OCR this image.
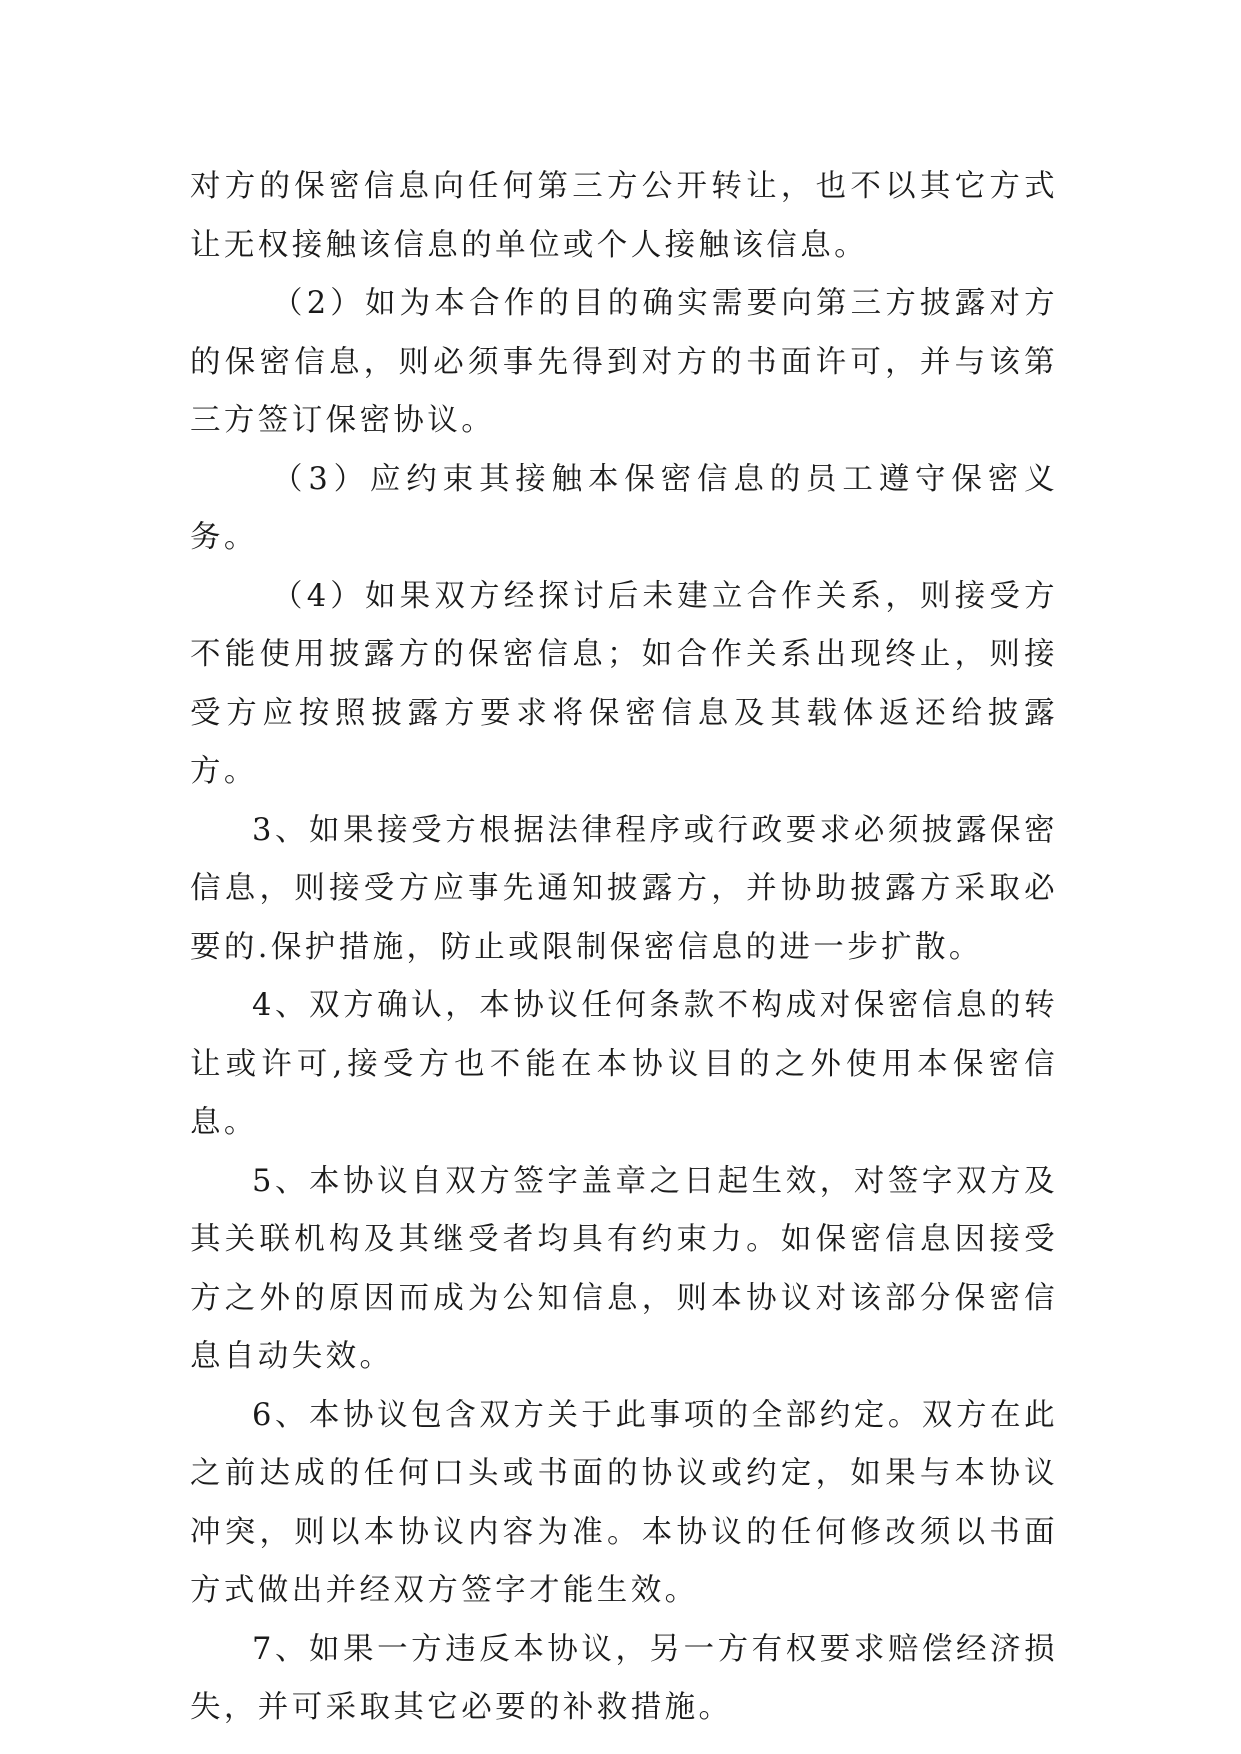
对方的保密信息向任何第三方公开转让，也不以其它方式让无权接触该信息的单位或个人接触该信息。

（2）如为本合作的目的确实需要向第三方披露对方的保密信息，则必须事先得到对方的书面许可，并与该第三方签订保密协议。

（3）应约束其接触本保密信息的员工遵守保密义务。

（4）如果双方经探讨后未建立合作关系，则接受方不能使用披露方的保密信息；如合作关系出现终止，则接受方应按照披露方要求将保密信息及其载体返还给披露方。

3、如果接受方根据法律程序或行政要求必须披露保密信息，则接受方应事先通知披露方，并协助披露方采取必要的.保护措施，防止或限制保密信息的进一步扩散。

4、双方确认，本协议任何条款不构成对保密信息的转让或许可,接受方也不能在本协议目的之外使用本保密信息。

5、本协议自双方签字盖章之日起生效，对签字双方及其关联机构及其继受者均具有约束力。如保密信息因接受方之外的原因而成为公知信息，则本协议对该部分保密信息自动失效。

6、本协议包含双方关于此事项的全部约定。双方在此之前达成的任何口头或书面的协议或约定，如果与本协议冲突，则以本协议内容为准。本协议的任何修改须以书面方式做出并经双方签字才能生效。

7、如果一方违反本协议，另一方有权要求赔偿经济损失，并可采取其它必要的补救措施。
